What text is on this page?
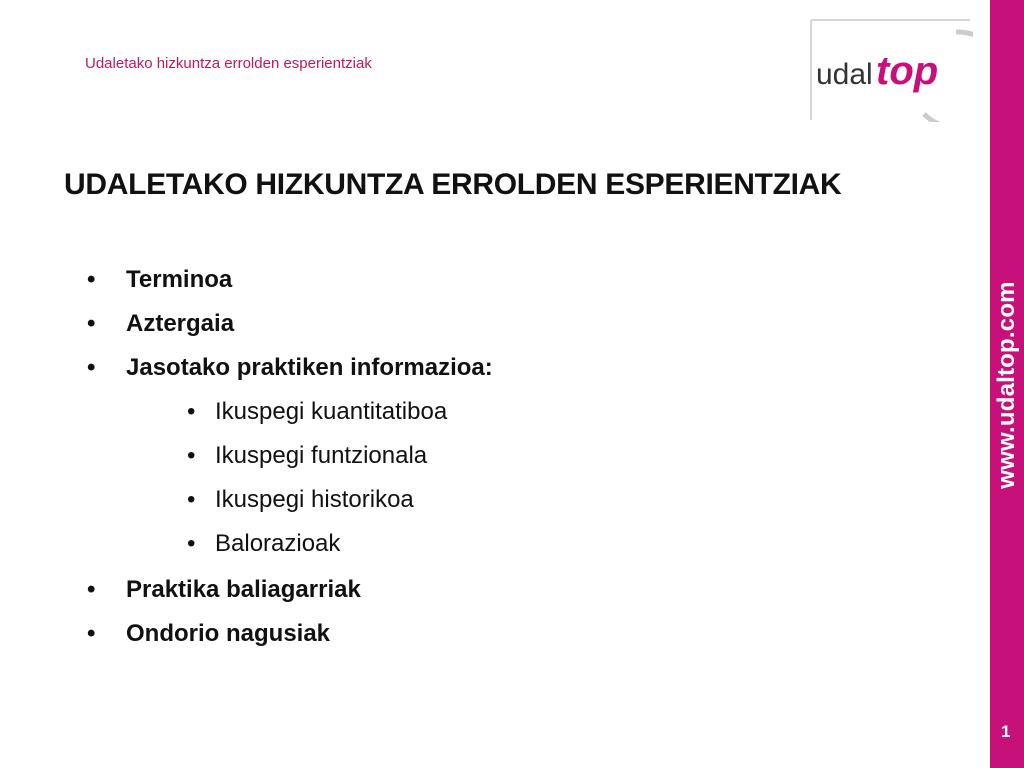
Udaletako hizkuntza errolden esperientziak	udal top
www.udaltop.com
1
UDALETAKO HIZKUNTZA ERROLDEN ESPERIENTZIAK
• Terminoa
• Aztergaia
• Jasotako praktiken informazioa:
• Ikuspegi kuantitatiboa
• Ikuspegi funtzionala
• Ikuspegi historikoa
• Balorazioak
• Praktika baliagarriak
• Ondorio nagusiak
